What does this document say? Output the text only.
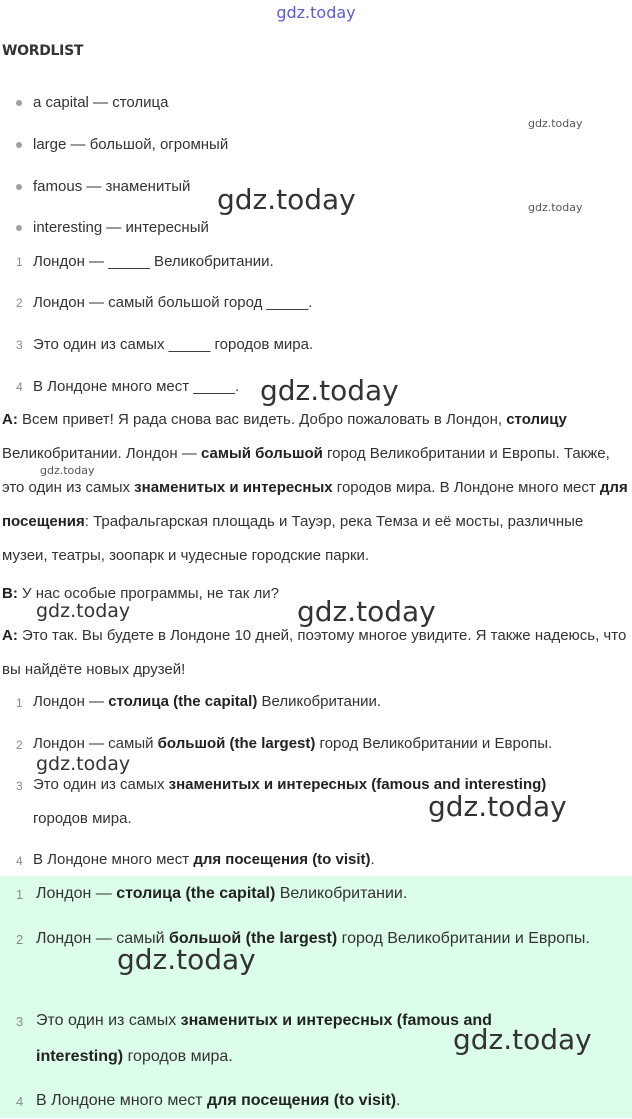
gdz.today
WORDLIST
a capital — столица
large — большой, огромный
famous — знаменитый
interesting — интересный
1 Лондон — _____ Великобритании.
2 Лондон — самый большой город _____.
3 Это один из самых _____ городов мира.
4 В Лондоне много мест _____.
A: Всем привет! Я рада снова вас видеть. Добро пожаловать в Лондон, столицу Великобритании. Лондон — самый большой город Великобритании и Европы. Также, это один из самых знаменитых и интересных городов мира. В Лондоне много мест для посещения: Трафальгарская площадь и Тауэр, река Темза и её мосты, различные музеи, театры, зоопарк и чудесные городские парки.
B: У нас особые программы, не так ли?
A: Это так. Вы будете в Лондоне 10 дней, поэтому многое увидите. Я также надеюсь, что вы найдёте новых друзей!
1 Лондон — столица (the capital) Великобритании.
2 Лондон — самый большой (the largest) город Великобритании и Европы.
3 Это один из самых знаменитых и интересных (famous and interesting) городов мира.
4 В Лондоне много мест для посещения (to visit).
1 Лондон — столица (the capital) Великобритании.
2 Лондон — самый большой (the largest) город Великобритании и Европы.
3 Это один из самых знаменитых и интересных (famous and interesting) городов мира.
4 В Лондоне много мест для посещения (to visit).
gdz.today
gdz.today
gdz.today
gdz.today
gdz.today
gdz.today	gdz.today
gdz.today
gdz.today
gdz.today
gdz.today
